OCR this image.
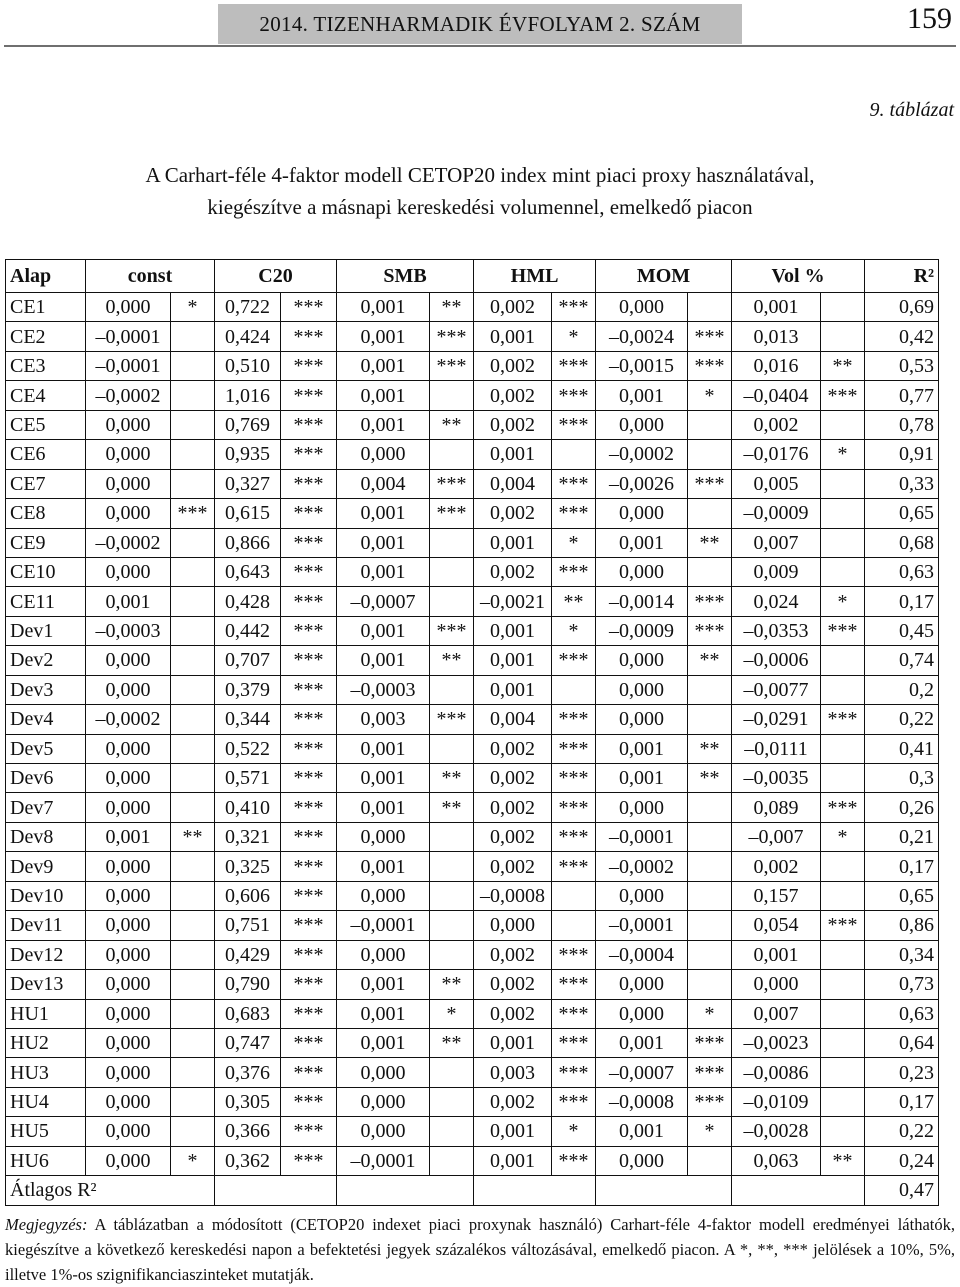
2014. TIZENHARMADIK ÉVFOLYAM 2. SZÁM	159
9. táblázat
A Carhart-féle 4-faktor modell CETOP20 index mint piaci proxy használatával,
kiegészítve a másnapi kereskedési volumennel, emelkedő piacon
Alap	const		C20		SMB		HML		MOM		Vol %		R²
CE1	0,000	*	0,722	***	0,001	**	0,002	***	0,000		0,001		0,69
CE2	–0,0001		0,424	***	0,001	***	0,001	*	–0,0024	***	0,013		0,42
CE3	–0,0001		0,510	***	0,001	***	0,002	***	–0,0015	***	0,016	**	0,53
CE4	–0,0002		1,016	***	0,001		0,002	***	0,001	*	–0,0404	***	0,77
CE5	0,000		0,769	***	0,001	**	0,002	***	0,000		0,002		0,78
CE6	0,000		0,935	***	0,000		0,001		–0,0002		–0,0176	*	0,91
CE7	0,000		0,327	***	0,004	***	0,004	***	–0,0026	***	0,005		0,33
CE8	0,000	***	0,615	***	0,001	***	0,002	***	0,000		–0,0009		0,65
CE9	–0,0002		0,866	***	0,001		0,001	*	0,001	**	0,007		0,68
CE10	0,000		0,643	***	0,001		0,002	***	0,000		0,009		0,63
CE11	0,001		0,428	***	–0,0007		–0,0021	**	–0,0014	***	0,024	*	0,17
Dev1	–0,0003		0,442	***	0,001	***	0,001	*	–0,0009	***	–0,0353	***	0,45
Dev2	0,000		0,707	***	0,001	**	0,001	***	0,000	**	–0,0006		0,74
Dev3	0,000		0,379	***	–0,0003		0,001		0,000		–0,0077		0,2
Dev4	–0,0002		0,344	***	0,003	***	0,004	***	0,000		–0,0291	***	0,22
Dev5	0,000		0,522	***	0,001		0,002	***	0,001	**	–0,0111		0,41
Dev6	0,000		0,571	***	0,001	**	0,002	***	0,001	**	–0,0035		0,3
Dev7	0,000		0,410	***	0,001	**	0,002	***	0,000		0,089	***	0,26
Dev8	0,001	**	0,321	***	0,000		0,002	***	–0,0001		–0,007	*	0,21
Dev9	0,000		0,325	***	0,001		0,002	***	–0,0002		0,002		0,17
Dev10	0,000		0,606	***	0,000		–0,0008		0,000		0,157		0,65
Dev11	0,000		0,751	***	–0,0001		0,000		–0,0001		0,054	***	0,86
Dev12	0,000		0,429	***	0,000		0,002	***	–0,0004		0,001		0,34
Dev13	0,000		0,790	***	0,001	**	0,002	***	0,000		0,000		0,73
HU1	0,000		0,683	***	0,001	*	0,002	***	0,000	*	0,007		0,63
HU2	0,000		0,747	***	0,001	**	0,001	***	0,001	***	–0,0023		0,64
HU3	0,000		0,376	***	0,000		0,003	***	–0,0007	***	–0,0086		0,23
HU4	0,000		0,305	***	0,000		0,002	***	–0,0008	***	–0,0109		0,17
HU5	0,000		0,366	***	0,000		0,001	*	0,001	*	–0,0028		0,22
HU6	0,000	*	0,362	***	–0,0001		0,001	***	0,000		0,063	**	0,24
Átlagos R²													0,47
Megjegyzés: A táblázatban a módosított (CETOP20 indexet piaci proxynak használó) Carhart-féle 4-faktor modell eredményei láthatók, kiegészítve a következő kereskedési napon a befektetési jegyek százalékos változásával, emelkedő piacon. A *, **, *** jelölések a 10%, 5%, illetve 1%-os szignifikanciaszinteket mutatják.
